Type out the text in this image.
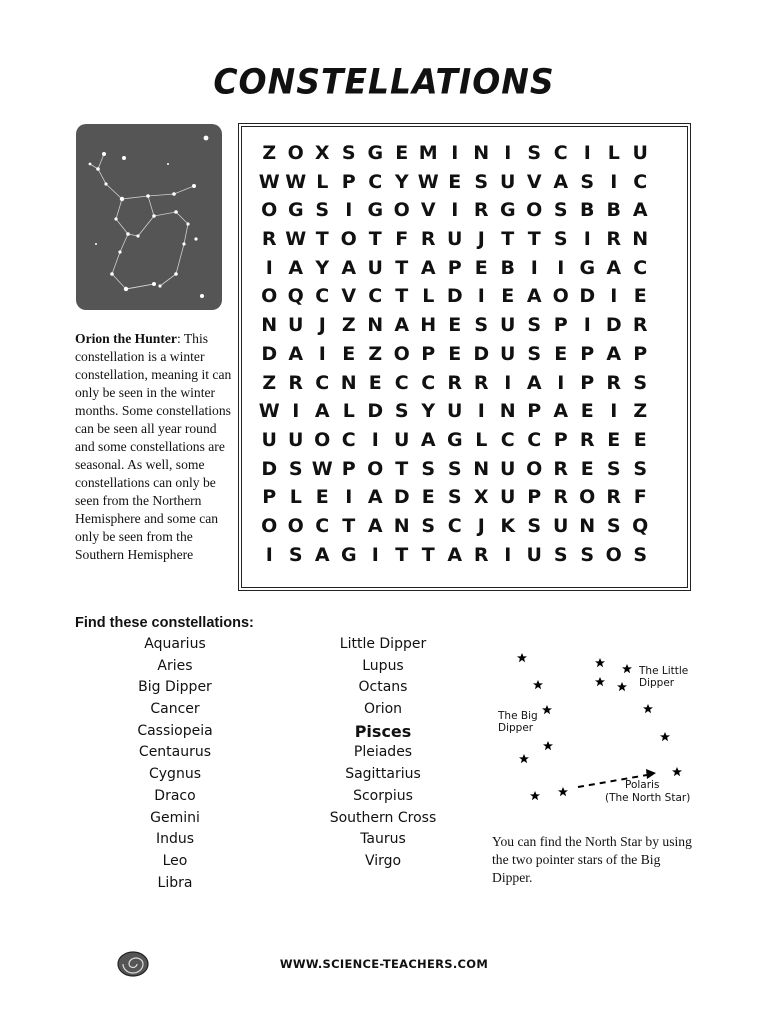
CONSTELLATIONS
Orion the Hunter: This constellation is a winter constellation, meaning it can only be seen in the winter months. Some constellations can be seen all year round and some constellations are seasonal. As well, some constellations can only be seen from the Northern Hemisphere and some can only be seen from the Southern Hemisphere
Z O X S G E M I N I S C I L U
W W L P C Y W E S U V A S I C
O G S I G O V I R G O S B B A
R W T O T F R U J T T S I R N
I A Y A U T A P E B I	I G A C
O Q C V C T L D I E A O D I E
N U J Z N A H E S U S P I D R
D A I E Z O P E D U S E P A P
Z R C N E C C R R I A I P R S
W I A L D S Y U I N P A E I Z
U U O C I U A G L C C P R E E
D S W P O T S S N U O R E S S
P L E I A D E S X U P R O R F
O O C T A N S C J K S U N S Q
I S A G I T T A R I U S S O S
Find these constellations:
Aquarius
Aries
Big Dipper
Cancer
Cassiopeia
Centaurus
Cygnus
Draco
Gemini
Indus
Leo
Libra
Little Dipper
Lupus
Octans
Orion
Pisces
Pleiades
Sagittarius
Scorpius
Southern Cross
Taurus
Virgo
The Little Dipper
The Big Dipper
Polaris
(The North Star)
You can find the North Star by using the two pointer stars of the Big Dipper.
WWW.SCIENCE-TEACHERS.COM
